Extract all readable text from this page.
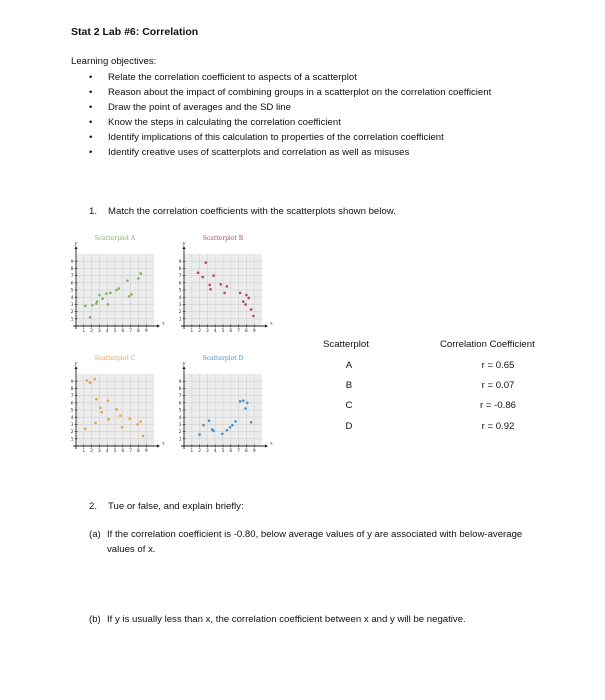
Stat 2 Lab #6: Correlation
Learning objectives:
• Relate the correlation coefficient to aspects of a scatterplot
• Reason about the impact of combining groups in a scatterplot on the correlation coefficient
• Draw the point of averages and the SD line
• Know the steps in calculating the correlation coefficient
• Identify implications of this calculation to properties of the correlation coefficient
• Identify creative uses of scatterplots and correlation as well as misuses
1. Match the correlation coefficients with the scatterplots shown below.
Scatterplot A
x
y
1 2 3 4 5 6 7 8 9
1
2
3
4
5
6
7
8
9
Scatterplot B
x
y
1 2 3 4 5 6 7 8 9
1
2
3
4
5
6
7
8
9
Scatterplot C
x
y
1 2 3 4 5 6 7 8 9
1
2
3
4
5
6
7
8
9
Scatterplot D
x
y
1 2 3 4 5 6 7 8 9
1
2
3
4
5
6
7
8
9
Scatterplot	Correlation Coefficient
A	r = 0.65
B	r = 0.07
C	r = -0.86
D	r = 0.92
2. Tue or false, and explain briefly:
(a) If the correlation coefficient is -0.80, below average values of y are associated with below-average values of x.
(b) If y is usually less than x, the correlation coefficient between x and y will be negative.
